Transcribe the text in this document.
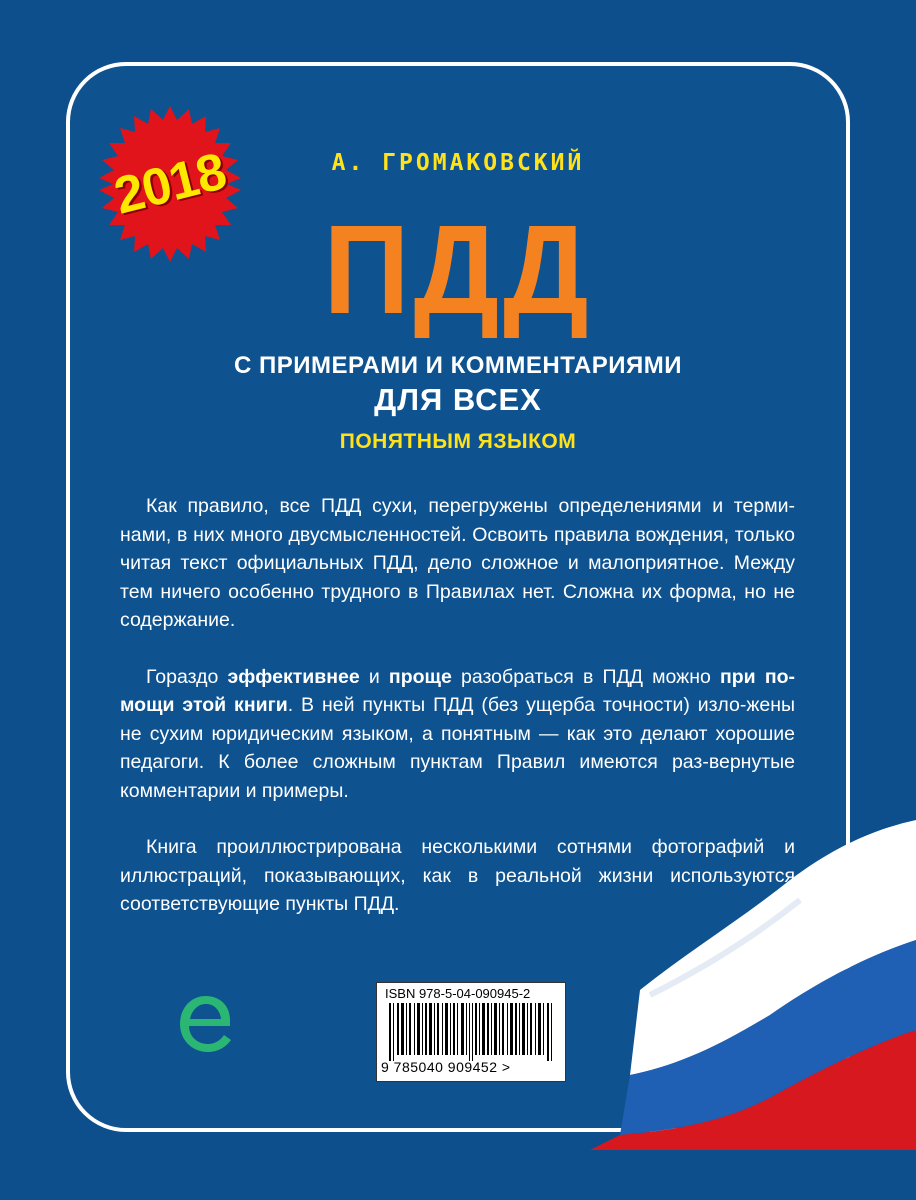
2018	А. ГРОМАКОВСКИЙ
ПДД
С ПРИМЕРАМИ И КОММЕНТАРИЯМИ
ДЛЯ ВСЕХ
ПОНЯТНЫМ ЯЗЫКОМ

Как правило, все ПДД сухи, перегружены определениями и терми-нами, в них много двусмысленностей. Освоить правила вождения, только читая текст официальных ПДД, дело сложное и малоприятное. Между тем ничего особенно трудного в Правилах нет. Сложна их форма, но не содержание.

Гораздо эффективнее и проще разобраться в ПДД можно при по-мощи этой книги. В ней пункты ПДД (без ущерба точности) изло-жены не сухим юридическим языком, а понятным — как это делают хорошие педагоги. К более сложным пунктам Правил имеются раз-вернутые комментарии и примеры.

Книга проиллюстрирована несколькими сотнями фотографий и иллюстраций, показывающих, как в реальной жизни используются соответствующие пункты ПДД.

ISBN 978-5-04-090945-2
9 785040 909452 >
